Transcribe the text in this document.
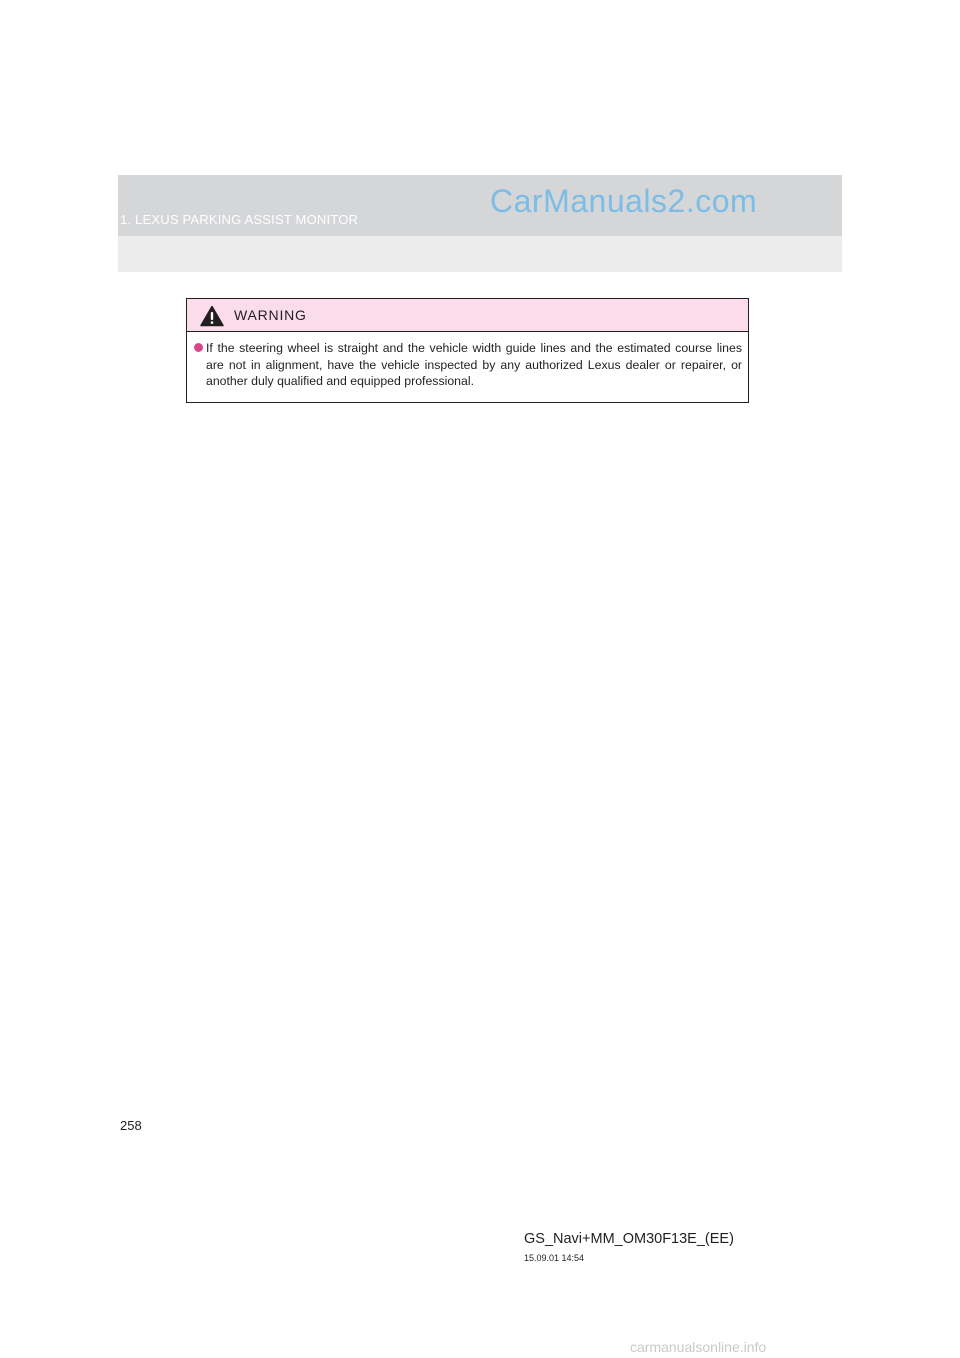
1. LEXUS PARKING ASSIST MONITOR
CarManuals2.com
WARNING
If the steering wheel is straight and the vehicle width guide lines and the estimated course lines are not in alignment, have the vehicle inspected by any authorized Lexus dealer or repairer, or another duly qualified and equipped professional.
258
GS_Navi+MM_OM30F13E_(EE)
15.09.01 14:54
carmanualsonline.info
